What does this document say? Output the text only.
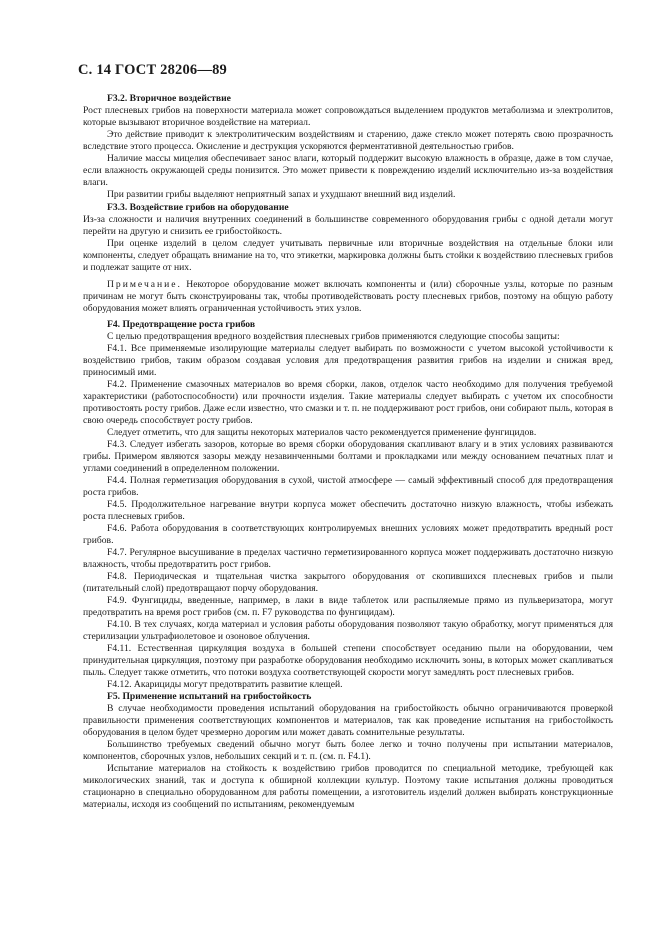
С. 14 ГОСТ 28206—89
F3.2. Вторичное воздействие

Рост плесневых грибов на поверхности материала может сопровождаться выделением продуктов метаболизма и электролитов, которые вызывают вторичное воздействие на материал.

Это действие приводит к электролитическим воздействиям и старению, даже стекло может потерять свою прозрачность вследствие этого процесса. Окисление и деструкция ускоряются ферментативной деятельностью грибов.

Наличие массы мицелия обеспечивает занос влаги, который поддержит высокую влажность в образце, даже в том случае, если влажность окружающей среды понизится. Это может привести к повреждению изделий исключительно из-за воздействия влаги.

При развитии грибы выделяют неприятный запах и ухудшают внешний вид изделий.

F3.3. Воздействие грибов на оборудование

Из-за сложности и наличия внутренних соединений в большинстве современного оборудования грибы с одной детали могут перейти на другую и снизить ее грибостойкость.

При оценке изделий в целом следует учитывать первичные или вторичные воздействия на отдельные блоки или компоненты, следует обращать внимание на то, что этикетки, маркировка должны быть стойки к воздействию плесневых грибов и подлежат защите от них.

Примечание. Некоторое оборудование может включать компоненты и (или) сборочные узлы, которые по разным причинам не могут быть сконструированы так, чтобы противодействовать росту плесневых грибов, поэтому на общую работу оборудования может влиять ограниченная устойчивость этих узлов.

F4. Предотвращение роста грибов

С целью предотвращения вредного воздействия плесневых грибов применяются следующие способы защиты:

F4.1. Все применяемые изолирующие материалы следует выбирать по возможности с учетом высокой устойчивости к воздействию грибов, таким образом создавая условия для предотвращения развития грибов на изделии и снижая вред, приносимый ими.

F4.2. Применение смазочных материалов во время сборки, лаков, отделок часто необходимо для получения требуемой характеристики (работоспособности) или прочности изделия. Такие материалы следует выбирать с учетом их способности противостоять росту грибов. Даже если известно, что смазки и т. п. не поддерживают рост грибов, они собирают пыль, которая в свою очередь способствует росту грибов.

Следует отметить, что для защиты некоторых материалов часто рекомендуется применение фунгицидов.

F4.3. Следует избегать зазоров, которые во время сборки оборудования скапливают влагу и в этих условиях развиваются грибы. Примером являются зазоры между незавинченными болтами и прокладками или между основанием печатных плат и углами соединений в определенном положении.

F4.4. Полная герметизация оборудования в сухой, чистой атмосфере — самый эффективный способ для предотвращения роста грибов.

F4.5. Продолжительное нагревание внутри корпуса может обеспечить достаточно низкую влажность, чтобы избежать роста плесневых грибов.

F4.6. Работа оборудования в соответствующих контролируемых внешних условиях может предотвратить вредный рост грибов.

F4.7. Регулярное высушивание в пределах частично герметизированного корпуса может поддерживать достаточно низкую влажность, чтобы предотвратить рост грибов.

F4.8. Периодическая и тщательная чистка закрытого оборудования от скопившихся плесневых грибов и пыли (питательный слой) предотвращают порчу оборудования.

F4.9. Фунгициды, введенные, например, в лаки в виде таблеток или распыляемые прямо из пульверизатора, могут предотвратить на время рост грибов (см. п. F7 руководства по фунгицидам).

F4.10. В тех случаях, когда материал и условия работы оборудования позволяют такую обработку, могут применяться для стерилизации ультрафиолетовое и озоновое облучения.

F4.11. Естественная циркуляция воздуха в большей степени способствует оседанию пыли на оборудовании, чем принудительная циркуляция, поэтому при разработке оборудования необходимо исключить зоны, в которых может скапливаться пыль. Следует также отметить, что потоки воздуха соответствующей скорости могут замедлять рост плесневых грибов.

F4.12. Акарициды могут предотвратить развитие клещей.

F5. Применение испытаний на грибостойкость

В случае необходимости проведения испытаний оборудования на грибостойкость обычно ограничиваются проверкой правильности применения соответствующих компонентов и материалов, так как проведение испытания на грибостойкость оборудования в целом будет чрезмерно дорогим или может давать сомнительные результаты.

Большинство требуемых сведений обычно могут быть более легко и точно получены при испытании материалов, компонентов, сборочных узлов, небольших секций и т. п. (см. п. F4.1).

Испытание материалов на стойкость к воздействию грибов проводится по специальной методике, требующей как микологических знаний, так и доступа к обширной коллекции культур. Поэтому такие испытания должны проводиться стационарно в специально оборудованном для работы помещении, а изготовитель изделий должен выбирать конструкционные материалы, исходя из сообщений по испытаниям, рекомендуемым
